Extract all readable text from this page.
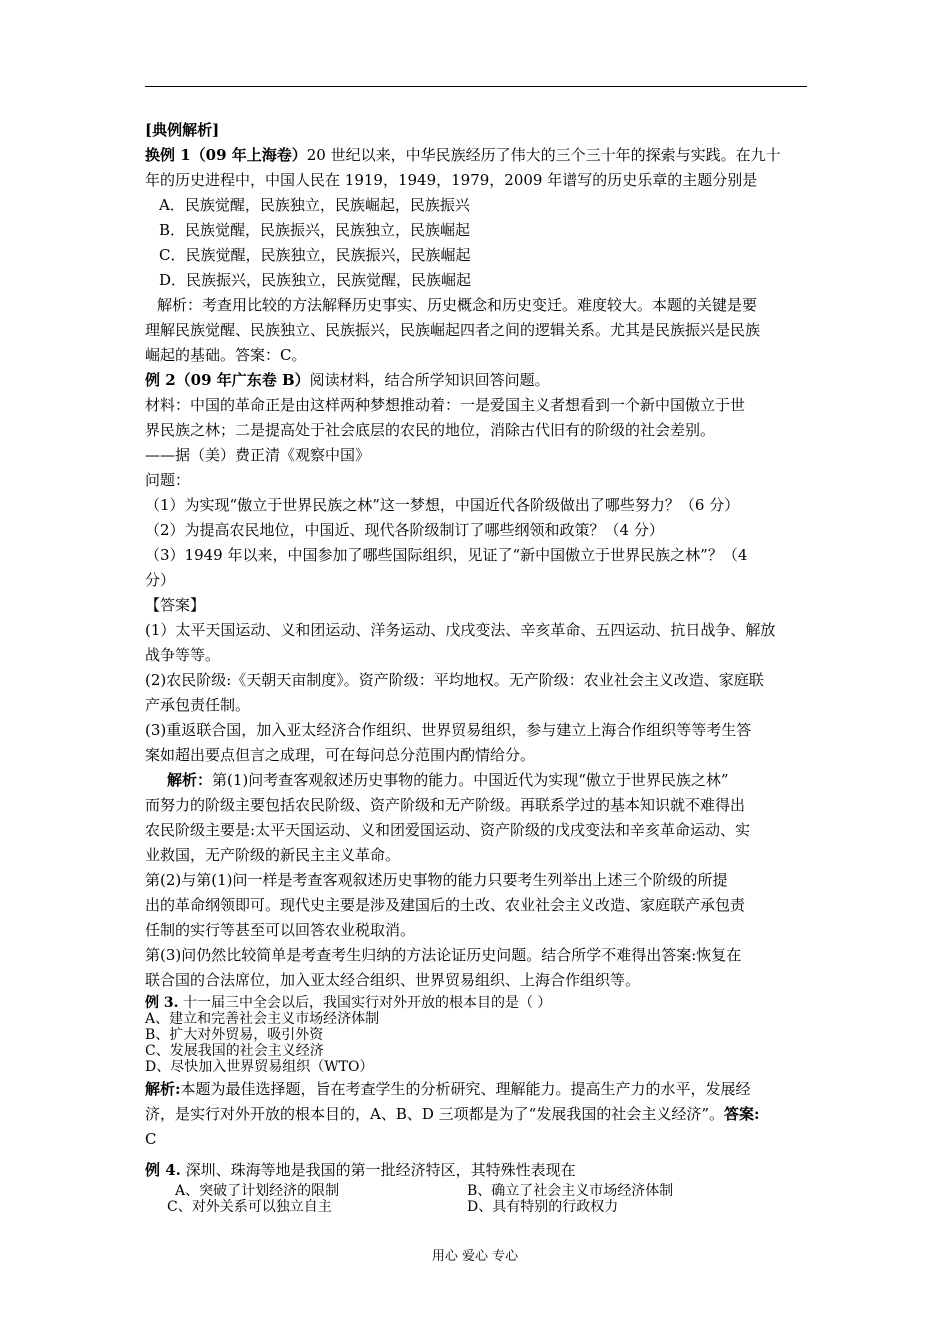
[典例解析]
换例 1（09 年上海卷）20 世纪以来，中华民族经历了伟大的三个三十年的探索与实践。在九十
年的历史进程中，中国人民在 1919，1949，1979，2009 年谱写的历史乐章的主题分别是
A．民族觉醒，民族独立，民族崛起，民族振兴
B．民族觉醒，民族振兴，民族独立，民族崛起
C．民族觉醒，民族独立，民族振兴，民族崛起
D．民族振兴，民族独立，民族觉醒，民族崛起
解析：考查用比较的方法解释历史事实、历史概念和历史变迁。难度较大。本题的关键是要
理解民族觉醒、民族独立、民族振兴，民族崛起四者之间的逻辑关系。尤其是民族振兴是民族
崛起的基础。答案：C。
例 2（09 年广东卷 B）阅读材料，结合所学知识回答问题。
材料：中国的革命正是由这样两种梦想推动着：一是爱国主义者想看到一个新中国傲立于世
界民族之林；二是提高处于社会底层的农民的地位，消除古代旧有的阶级的社会差别。
——据（美）费正清《观察中国》
问题：
（1）为实现“傲立于世界民族之林”这一梦想，中国近代各阶级做出了哪些努力？（6 分）
（2）为提高农民地位，中国近、现代各阶级制订了哪些纲领和政策？（4 分）
（3）1949 年以来，中国参加了哪些国际组织，见证了“新中国傲立于世界民族之林”？（4
分）
【答案】
(1）太平天国运动、义和团运动、洋务运动、戊戌变法、辛亥革命、五四运动、抗日战争、解放
战争等等。
(2)农民阶级:《天朝天亩制度》。资产阶级：平均地权。无产阶级：农业社会主义改造、家庭联
产承包责任制。
(3)重返联合国，加入亚太经济合作组织、世界贸易组织，参与建立上海合作组织等等考生答
案如超出要点但言之成理，可在每问总分范围内酌情给分。
解析：第(1)问考查客观叙述历史事物的能力。中国近代为实现“傲立于世界民族之林”
而努力的阶级主要包括农民阶级、资产阶级和无产阶级。再联系学过的基本知识就不难得出
农民阶级主要是:太平天国运动、义和团爱国运动、资产阶级的戊戌变法和辛亥革命运动、实
业救国，无产阶级的新民主主义革命。
第(2)与第(1)问一样是考查客观叙述历史事物的能力只要考生列举出上述三个阶级的所提
出的革命纲领即可。现代史主要是涉及建国后的土改、农业社会主义改造、家庭联产承包责
任制的实行等甚至可以回答农业税取消。
第(3)问仍然比较简单是考查考生归纳的方法论证历史问题。结合所学不难得出答案:恢复在
联合国的合法席位，加入亚太经合组织、世界贸易组织、上海合作组织等。
例 3. 十一届三中全会以后，我国实行对外开放的根本目的是（ ）
A、建立和完善社会主义市场经济体制
B、扩大对外贸易，吸引外资
C、发展我国的社会主义经济
D、尽快加入世界贸易组织（WTO）
解析:本题为最佳选择题，旨在考查学生的分析研究、理解能力。提高生产力的水平，发展经
济，是实行对外开放的根本目的，A、B、D 三项都是为了“发展我国的社会主义经济”。答案:
C
例 4. 深圳、珠海等地是我国的第一批经济特区，其特殊性表现在
A、突破了计划经济的限制	B、确立了社会主义市场经济体制
C、对外关系可以独立自主	D、具有特别的行政权力
用心 爱心 专心
